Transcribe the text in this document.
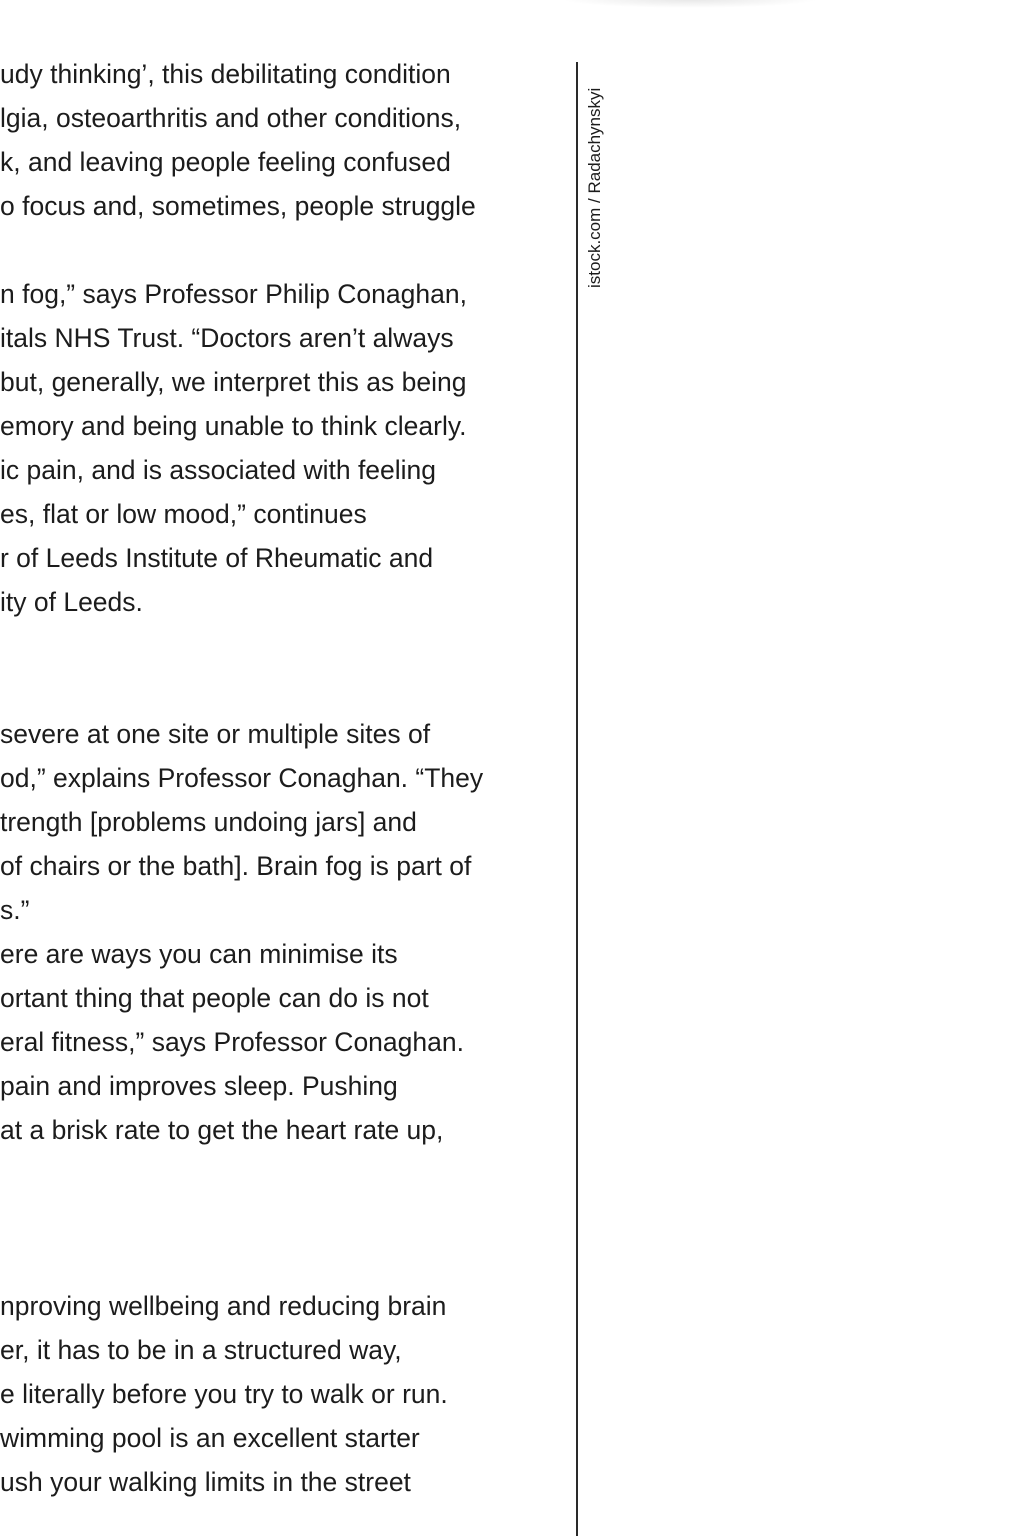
udy thinking’, this debilitating condition
lgia, osteoarthritis and other conditions,
k, and leaving people feeling confused
o focus and, sometimes, people struggle
n fog,” says Professor Philip Conaghan,
itals NHS Trust. “Doctors aren’t always
but, generally, we interpret this as being
emory and being unable to think clearly.
ic pain, and is associated with feeling
es, flat or low mood,” continues
r of Leeds Institute of Rheumatic and
ity of Leeds.
severe at one site or multiple sites of
od,” explains Professor Conaghan. “They
trength [problems undoing jars] and
of chairs or the bath]. Brain fog is part of
s.”
ere are ways you can minimise its
ortant thing that people can do is not
eral fitness,” says Professor Conaghan.
pain and improves sleep. Pushing
at a brisk rate to get the heart rate up,
nproving wellbeing and reducing brain
er, it has to be in a structured way,
e literally before you try to walk or run.
wimming pool is an excellent starter
ush your walking limits in the street
istock.com / Radachynskyi
